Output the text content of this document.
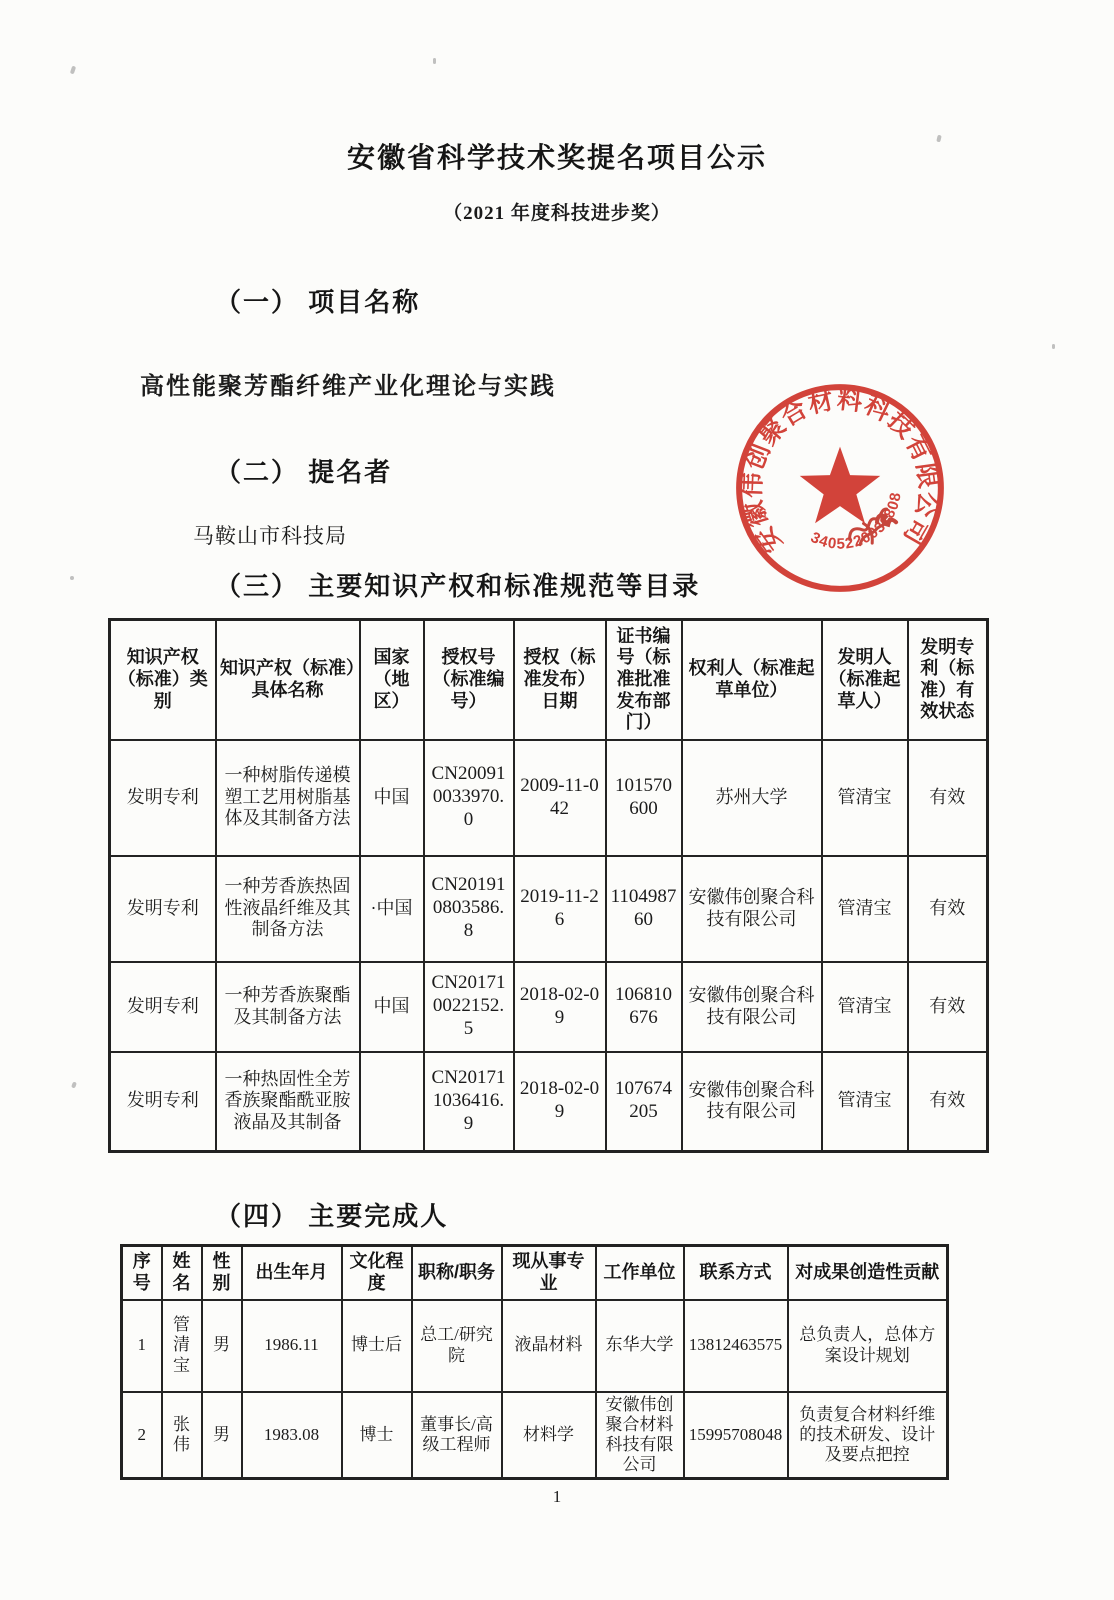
安徽省科学技术奖提名项目公示
（2021 年度科技进步奖）
（一） 项目名称
高性能聚芳酯纤维产业化理论与实践
（二） 提名者
马鞍山市科技局
（三） 主要知识产权和标准规范等目录
安徽伟创聚合材料科技有限公司
3405220031808
知识产权（标准）类别	知识产权（标准）具体名称	国家（地区）	授权号（标准编号）	授权（标准发布）日期	证书编号（标准批准发布部门）	权利人（标准起草单位）	发明人（标准起草人）	发明专利（标准）有效状态
发明专利	一种树脂传递模塑工艺用树脂基体及其制备方法	中国	CN200910033970.0	2009-11-042	101570600	苏州大学	管清宝	有效
发明专利	一种芳香族热固性液晶纤维及其制备方法	·中国	CN201910803586.8	2019-11-26	110498760	安徽伟创聚合科技有限公司	管清宝	有效
发明专利	一种芳香族聚酯及其制备方法	中国	CN201710022152.5	2018-02-09	106810676	安徽伟创聚合科技有限公司	管清宝	有效
发明专利	一种热固性全芳香族聚酯酰亚胺液晶及其制备		CN201711036416.9	2018-02-09	107674205	安徽伟创聚合科技有限公司	管清宝	有效
（四） 主要完成人
序号	姓名	性别	出生年月	文化程度	职称/职务	现从事专业	工作单位	联系方式	对成果创造性贡献
1	管清宝	男	1986.11	博士后	总工/研究院	液晶材料	东华大学	13812463575	总负责人，总体方案设计规划
2	张伟	男	1983.08	博士	董事长/高级工程师	材料学	安徽伟创聚合材料科技有限公司	15995708048	负责复合材料纤维的技术研发、设计及要点把控
1
